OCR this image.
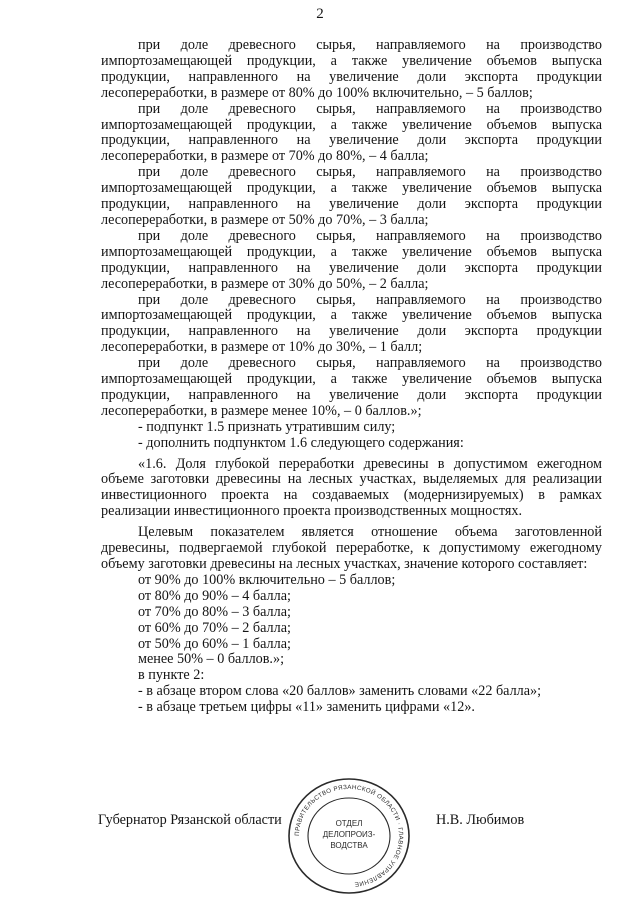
2

при доле древесного сырья, направляемого на производство импортозамещающей продукции, а также увеличение объемов выпуска продукции, направленного на увеличение доли экспорта продукции лесопереработки, в размере от 80% до 100% включительно, – 5 баллов;

при доле древесного сырья, направляемого на производство импортозамещающей продукции, а также увеличение объемов выпуска продукции, направленного на увеличение доли экспорта продукции лесопереработки, в размере от 70% до 80%, – 4 балла;

при доле древесного сырья, направляемого на производство импортозамещающей продукции, а также увеличение объемов выпуска продукции, направленного на увеличение доли экспорта продукции лесопереработки, в размере от 50% до 70%, – 3 балла;

при доле древесного сырья, направляемого на производство импортозамещающей продукции, а также увеличение объемов выпуска продукции, направленного на увеличение доли экспорта продукции лесопереработки, в размере от 30% до 50%, – 2 балла;

при доле древесного сырья, направляемого на производство импортозамещающей продукции, а также увеличение объемов выпуска продукции, направленного на увеличение доли экспорта продукции лесопереработки, в размере от 10% до 30%, – 1 балл;

при доле древесного сырья, направляемого на производство импортозамещающей продукции, а также увеличение объемов выпуска продукции, направленного на увеличение доли экспорта продукции лесопереработки, в размере менее 10%, – 0 баллов.»;

- подпункт 1.5 признать утратившим силу;

- дополнить подпунктом 1.6 следующего содержания:

«1.6. Доля глубокой переработки древесины в допустимом ежегодном объеме заготовки древесины на лесных участках, выделяемых для реализации инвестиционного проекта на создаваемых (модернизируемых) в рамках реализации инвестиционного проекта производственных мощностях.

Целевым показателем является отношение объема заготовленной древесины, подвергаемой глубокой переработке, к допустимому ежегодному объему заготовки древесины на лесных участках, значение которого составляет:

от 90% до 100% включительно – 5 баллов;

от 80% до 90% – 4 балла;

от 70% до 80% – 3 балла;

от 60% до 70% – 2 балла;

от 50% до 60% – 1 балла;

менее 50% – 0 баллов.»;

в пункте 2:

- в абзаце втором слова «20 баллов» заменить словами «22 балла»;

- в абзаце третьем цифры «11» заменить цифрами «12».

Губернатор Рязанской области	Н.В. Любимов
ПРАВИТЕЛЬСТВО РЯЗАНСКОЙ ОБЛАСТИ · ГЛАВНОЕ УПРАВЛЕНИЕ
ОТДЕЛ
ДЕЛОПРОИЗ-
ВОДСТВА
